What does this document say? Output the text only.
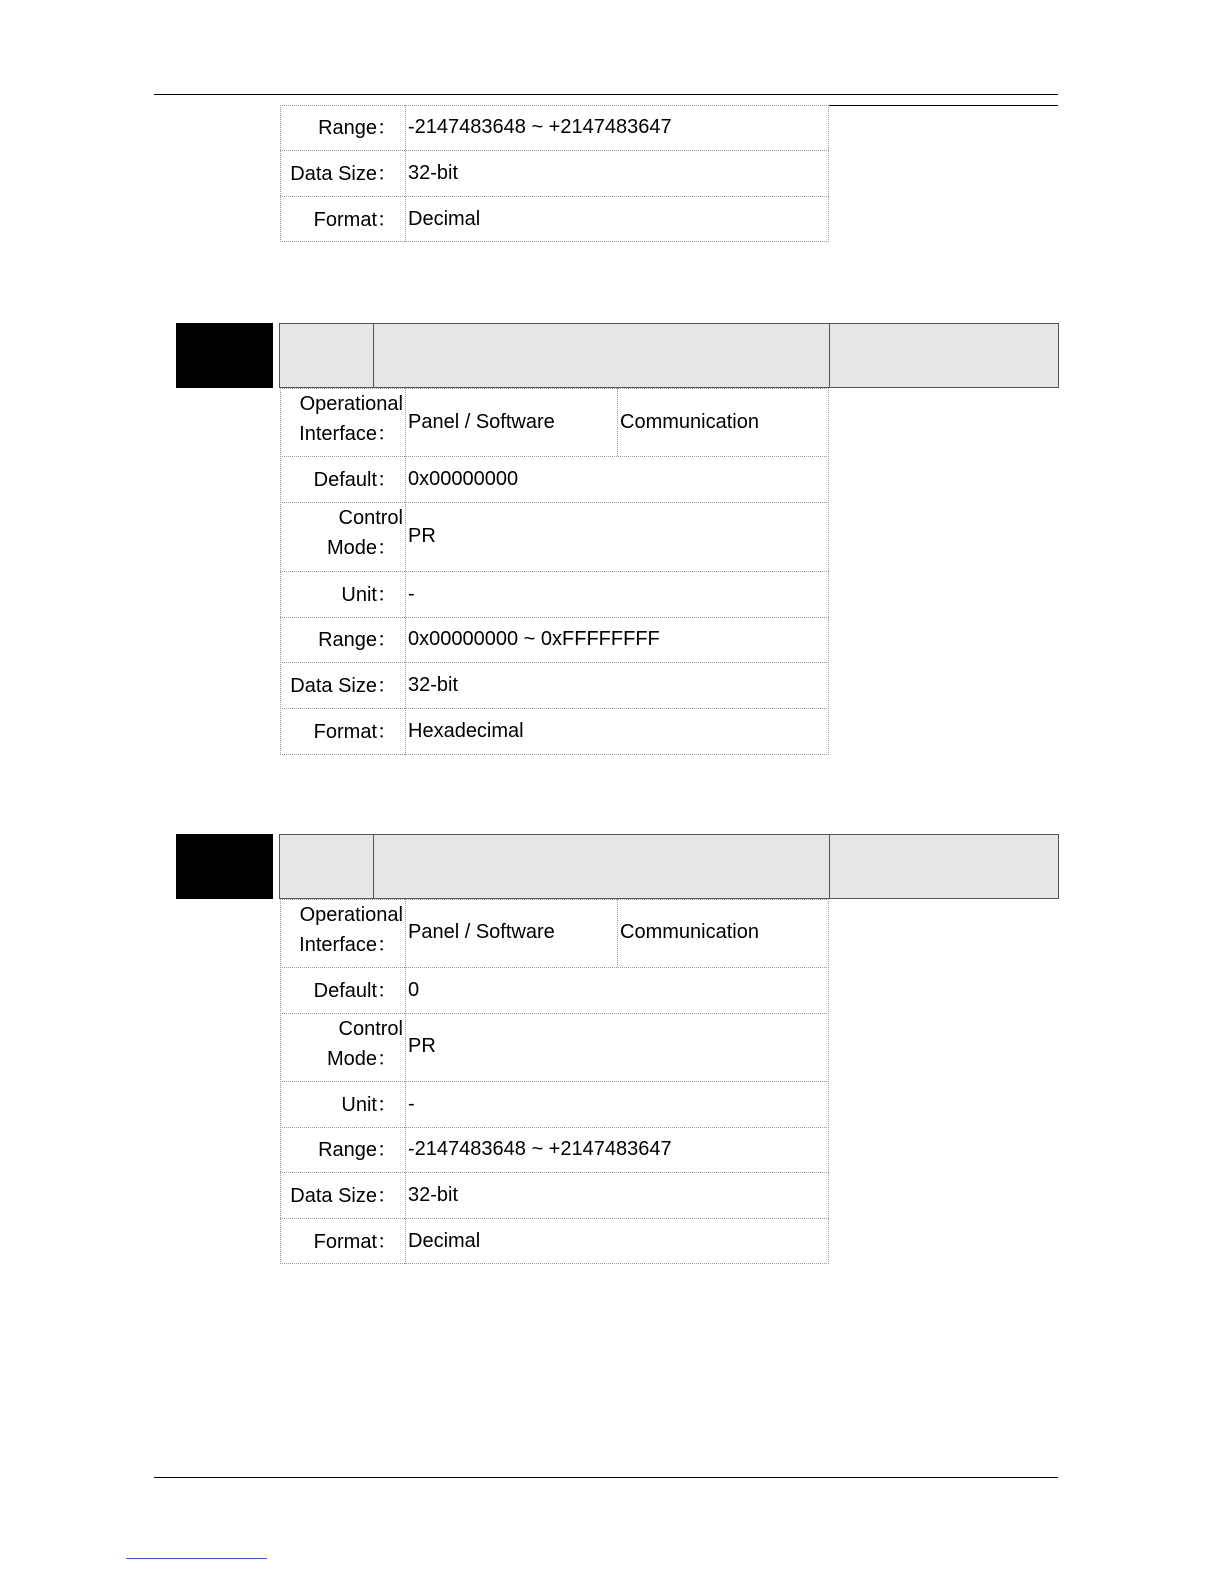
Range： -2147483648 ~ +2147483647
Data Size： 32-bit
Format： Decimal
Operational
Interface：
Panel / Software	Communication
Default： 0x00000000
Control
Mode：
PR
Unit： -
Range： 0x00000000 ~ 0xFFFFFFFF
Data Size： 32-bit
Format： Hexadecimal
Operational
Interface：
Panel / Software	Communication
Default： 0
Control
Mode：
PR
Unit： -
Range： -2147483648 ~ +2147483647
Data Size： 32-bit
Format： Decimal
